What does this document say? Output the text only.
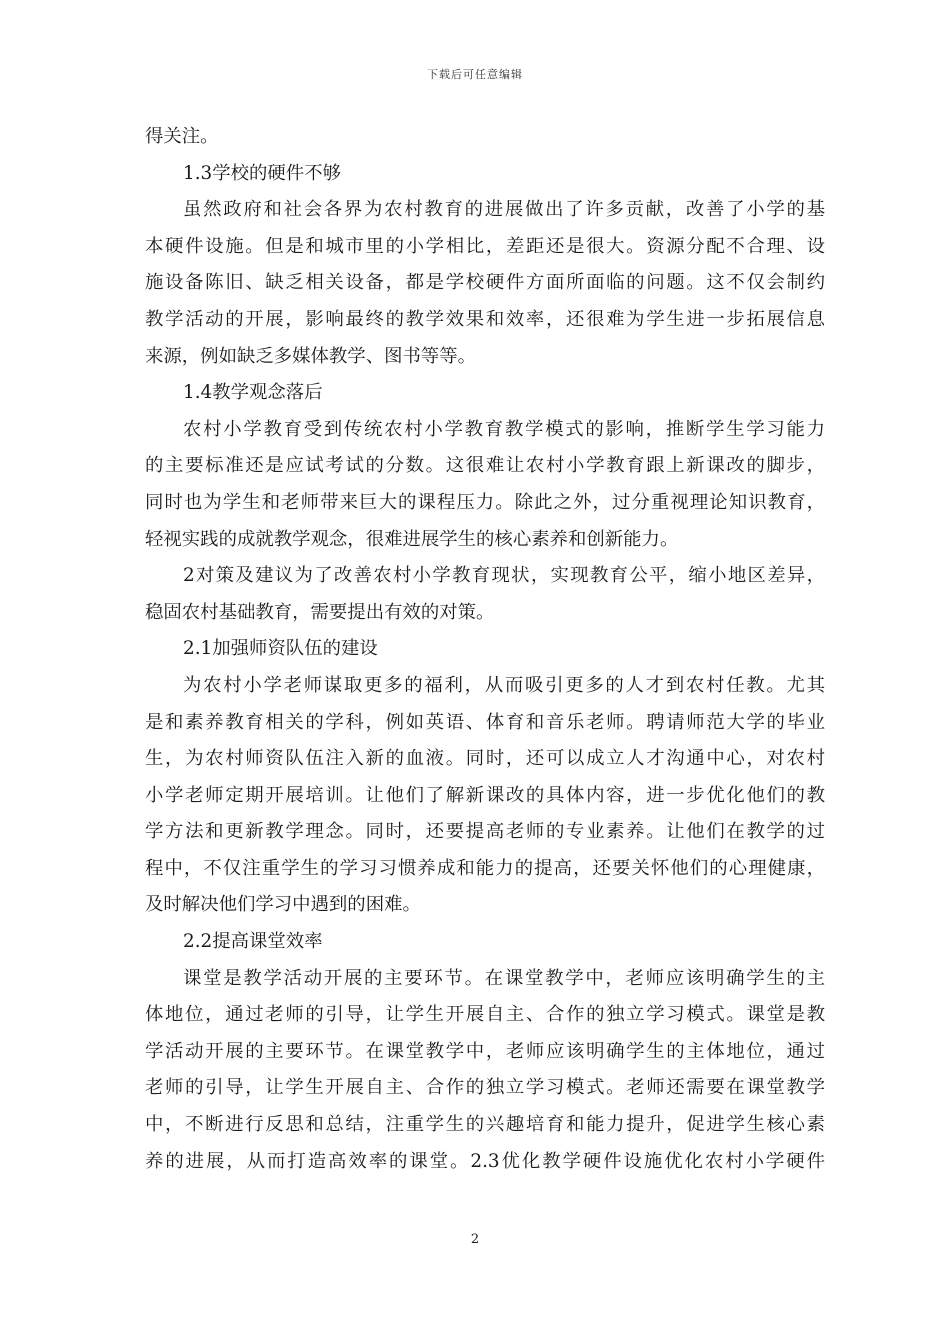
下载后可任意编辑
得关注。
1.3学校的硬件不够
虽然政府和社会各界为农村教育的进展做出了许多贡献，改善了小学的基
本硬件设施。但是和城市里的小学相比，差距还是很大。资源分配不合理、设
施设备陈旧、缺乏相关设备，都是学校硬件方面所面临的问题。这不仅会制约
教学活动的开展，影响最终的教学效果和效率，还很难为学生进一步拓展信息
来源，例如缺乏多媒体教学、图书等等。
1.4教学观念落后
农村小学教育受到传统农村小学教育教学模式的影响，推断学生学习能力
的主要标准还是应试考试的分数。这很难让农村小学教育跟上新课改的脚步，
同时也为学生和老师带来巨大的课程压力。除此之外，过分重视理论知识教育，
轻视实践的成就教学观念，很难进展学生的核心素养和创新能力。
2对策及建议为了改善农村小学教育现状，实现教育公平，缩小地区差异，
稳固农村基础教育，需要提出有效的对策。
2.1加强师资队伍的建设
为农村小学老师谋取更多的福利，从而吸引更多的人才到农村任教。尤其
是和素养教育相关的学科，例如英语、体育和音乐老师。聘请师范大学的毕业
生，为农村师资队伍注入新的血液。同时，还可以成立人才沟通中心，对农村
小学老师定期开展培训。让他们了解新课改的具体内容，进一步优化他们的教
学方法和更新教学理念。同时，还要提高老师的专业素养。让他们在教学的过
程中，不仅注重学生的学习习惯养成和能力的提高，还要关怀他们的心理健康，
及时解决他们学习中遇到的困难。
2.2提高课堂效率
课堂是教学活动开展的主要环节。在课堂教学中，老师应该明确学生的主
体地位，通过老师的引导，让学生开展自主、合作的独立学习模式。课堂是教
学活动开展的主要环节。在课堂教学中，老师应该明确学生的主体地位，通过
老师的引导，让学生开展自主、合作的独立学习模式。老师还需要在课堂教学
中，不断进行反思和总结，注重学生的兴趣培育和能力提升，促进学生核心素
养的进展，从而打造高效率的课堂。2.3优化教学硬件设施优化农村小学硬件
2
